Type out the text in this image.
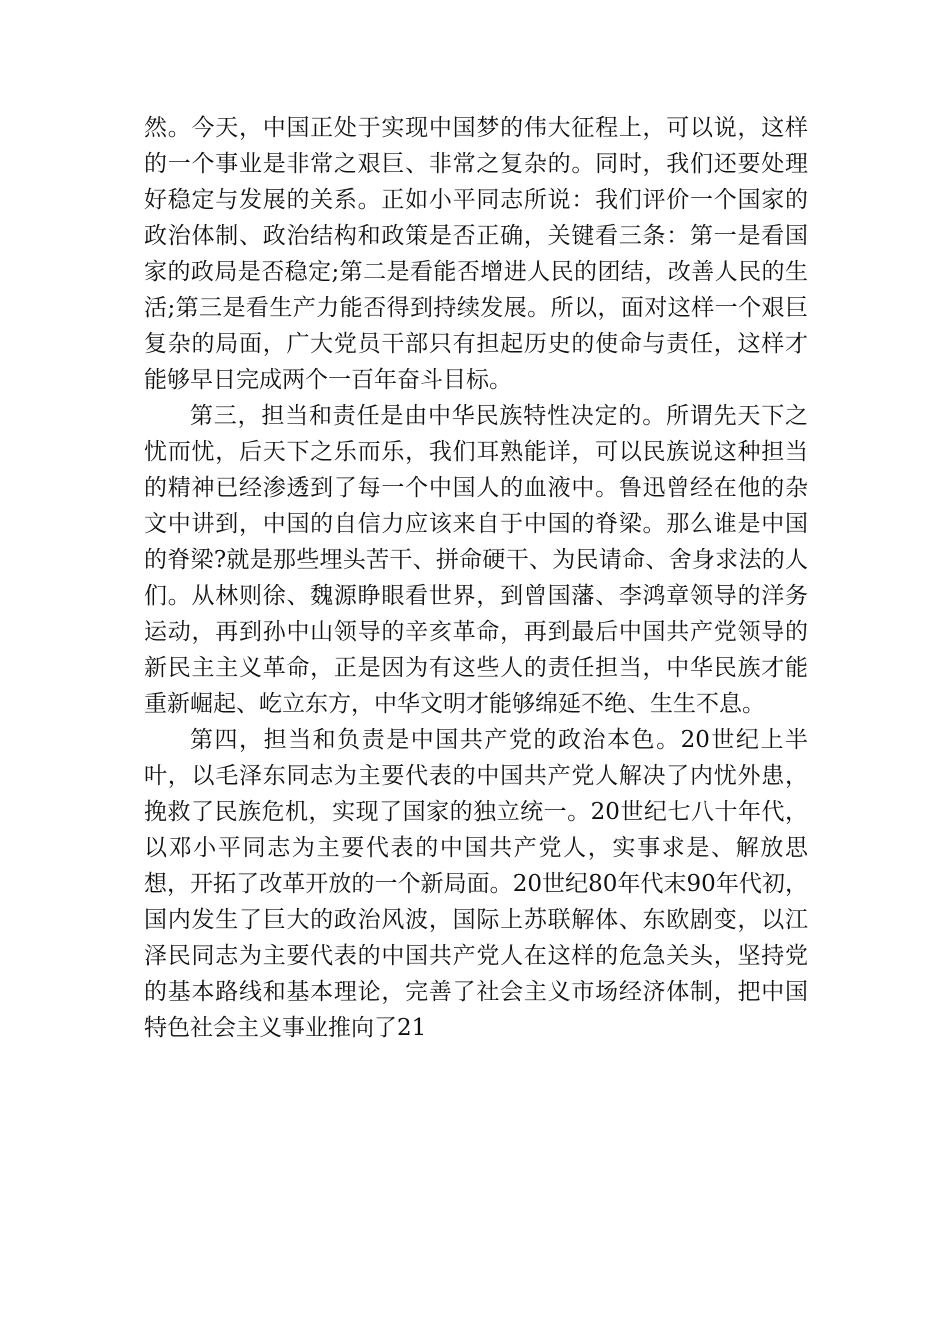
然。今天，中国正处于实现中国梦的伟大征程上，可以说，这样的一个事业是非常之艰巨、非常之复杂的。同时，我们还要处理好稳定与发展的关系。正如小平同志所说：我们评价一个国家的政治体制、政治结构和政策是否正确，关键看三条：第一是看国家的政局是否稳定;第二是看能否增进人民的团结，改善人民的生活;第三是看生产力能否得到持续发展。所以，面对这样一个艰巨复杂的局面，广大党员干部只有担起历史的使命与责任，这样才能够早日完成两个一百年奋斗目标。

第三，担当和责任是由中华民族特性决定的。所谓先天下之忧而忧，后天下之乐而乐，我们耳熟能详，可以民族说这种担当的精神已经渗透到了每一个中国人的血液中。鲁迅曾经在他的杂文中讲到，中国的自信力应该来自于中国的脊梁。那么谁是中国的脊梁?就是那些埋头苦干、拼命硬干、为民请命、舍身求法的人们。从林则徐、魏源睁眼看世界，到曾国藩、李鸿章领导的洋务运动，再到孙中山领导的辛亥革命，再到最后中国共产党领导的新民主主义革命，正是因为有这些人的责任担当，中华民族才能重新崛起、屹立东方，中华文明才能够绵延不绝、生生不息。

第四，担当和负责是中国共产党的政治本色。20世纪上半叶，以毛泽东同志为主要代表的中国共产党人解决了内忧外患，挽救了民族危机，实现了国家的独立统一。20世纪七八十年代，以邓小平同志为主要代表的中国共产党人，实事求是、解放思想，开拓了改革开放的一个新局面。20世纪80年代末90年代初，国内发生了巨大的政治风波，国际上苏联解体、东欧剧变，以江泽民同志为主要代表的中国共产党人在这样的危急关头，坚持党的基本路线和基本理论，完善了社会主义市场经济体制，把中国特色社会主义事业推向了21
